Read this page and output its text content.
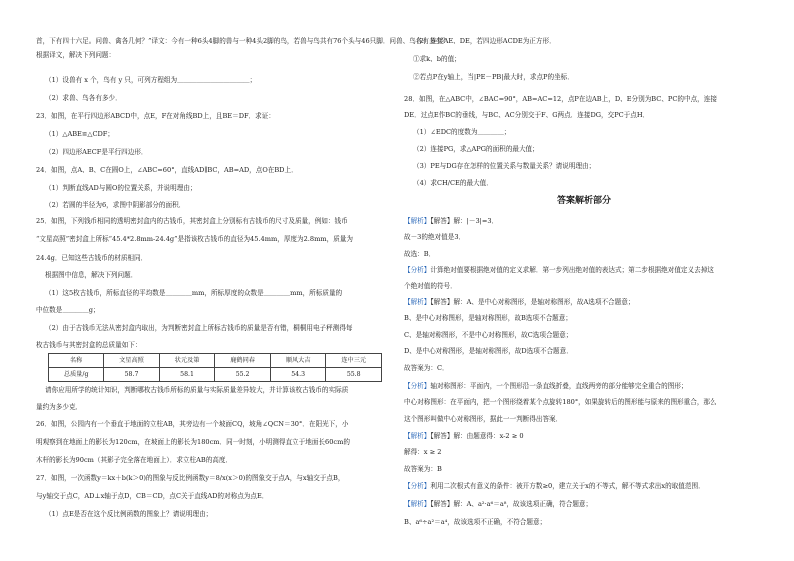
首，下有四十六足。问兽、禽各几何？”译文：今有一种6头4脚的兽与一种4头2脚的鸟，若兽与鸟共有76个头与46只脚．问兽、鸟各有多少？
根据译文，解决下列问题：
（1）设兽有 x 个，鸟有 y 只，可列方程组为＿＿＿＿＿＿＿＿＿＿＿；
（2）求兽、鸟各有多少．
23．如图，在平行四边形ABCD中，点E，F在对角线BD上，且BE＝DF．求证：
（1）△ABE≌△CDF；
（2）四边形AECF是平行四边形．
24．如图，点A、B、C在圆O上，∠ABC=60°，直线AD∥BC，AB=AD，点O在BD上．
（1）判断直线AD与圆O的位置关系，并说明理由；
（2）若圆的半径为6，求图中阴影部分的面积．
25．如图，下列钱币相同的透明密封盒内的古钱币，其密封盒上分别标有古钱币的尺寸及质量，例如：钱币
“文星高照”密封盒上所标“45.4*2.8mm-24.4g”是指该枚古钱币的直径为45.4mm，厚度为2.8mm，质量为
24.4g．已知这些古钱币的材质相同．
根据图中信息，解决下列问题．
（1）这5枚古钱币，所标直径的平均数是＿＿＿＿mm，所标厚度的众数是＿＿＿＿mm，所标质量的
中位数是＿＿＿＿g；
（2）由于古钱币无法从密封盒内取出，为判断密封盒上所标古钱币的质量是否有错，桐桐用电子秤测得每
枚古钱币与其密封盒的总质量如下：
名称	文星高照	状元及第	鹿鹤同春	顺风大吉	连中三元
总质量/g	58.7	58.1	55.2	54.3	55.8
请你应用所学的统计知识，判断哪枚古钱币所标的质量与实际质量差异较大，并计算该枚古钱币的实际质
量约为多少克．
26．如图，公园内有一个垂直于地面的立柱AB，其旁边有一个坡面CQ，坡角∠QCN＝30°．在阳光下，小
明观察到在地面上的影长为120cm，在坡面上的影长为180cm．同一时刻，小明测得直立于地面长60cm的
木杆的影长为90cm（其影子完全落在地面上）．求立柱AB的高度．
27．如图，一次函数y＝kx＋b(k＞0)的图象与反比例函数y＝8/x(x＞0)的图象交于点A，与x轴交于点B，
与y轴交于点C，AD⊥x轴于点D，CB＝CD，点C关于直线AD的对称点为点E．
（1）点E是否在这个反比例函数的图象上？请说明理由；
（2）连接AE、DE，若四边形ACDE为正方形．
①求k、b的值；
②若点P在y轴上，当|PE－PB|最大时，求点P的坐标．
28．如图，在△ABC中，∠BAC=90°，AB=AC=12，点P在边AB上，D、E分别为BC、PC的中点，连接
DE．过点E作BC的垂线，与BC、AC分别交于F、G两点．连接DG，交PC于点H．
（1）∠EDC的度数为＿＿＿＿；
（2）连接PG，求△APG的面积的最大值；
（3）PE与DG存在怎样的位置关系与数量关系？请说明理由；
（4）求CH/CE的最大值．
答案解析部分
【解析】【解答】解：|－3|=3．
故－3的绝对值是3．
故选：B．
【分析】计算绝对值要根据绝对值的定义求解．第一步列出绝对值的表达式；第二步根据绝对值定义去掉这
个绝对值的符号．
【解析】【解答】解：A、是中心对称图形，是轴对称图形，故A选项不合题意；
B、是中心对称图形，是轴对称图形，故B选项不合题意；
C、是轴对称图形，不是中心对称图形，故C选项合题意；
D、是中心对称图形，是轴对称图形，故D选项不合题意．
故答案为：C．
【分析】轴对称图形：平面内，一个图形沿一条直线折叠，直线两旁的部分能够完全重合的图形；
中心对称图形：在平面内，把一个图形绕着某个点旋转180°，如果旋转后的图形能与原来的图形重合，那么
这个图形叫做中心对称图形，据此一一判断得出答案．
【解析】【解答】解：由题意得：x-2 ≥ 0
解得：x ≥ 2
故答案为：B
【分析】利用二次根式有意义的条件：被开方数≥0，建立关于x的不等式，解不等式求出x的取值范围．
【解析】【解答】解：A、a²·a⁶＝a⁸，故该选项正确，符合题意；
B、a⁶÷a²＝a⁴，故该选项不正确，不符合题意；
